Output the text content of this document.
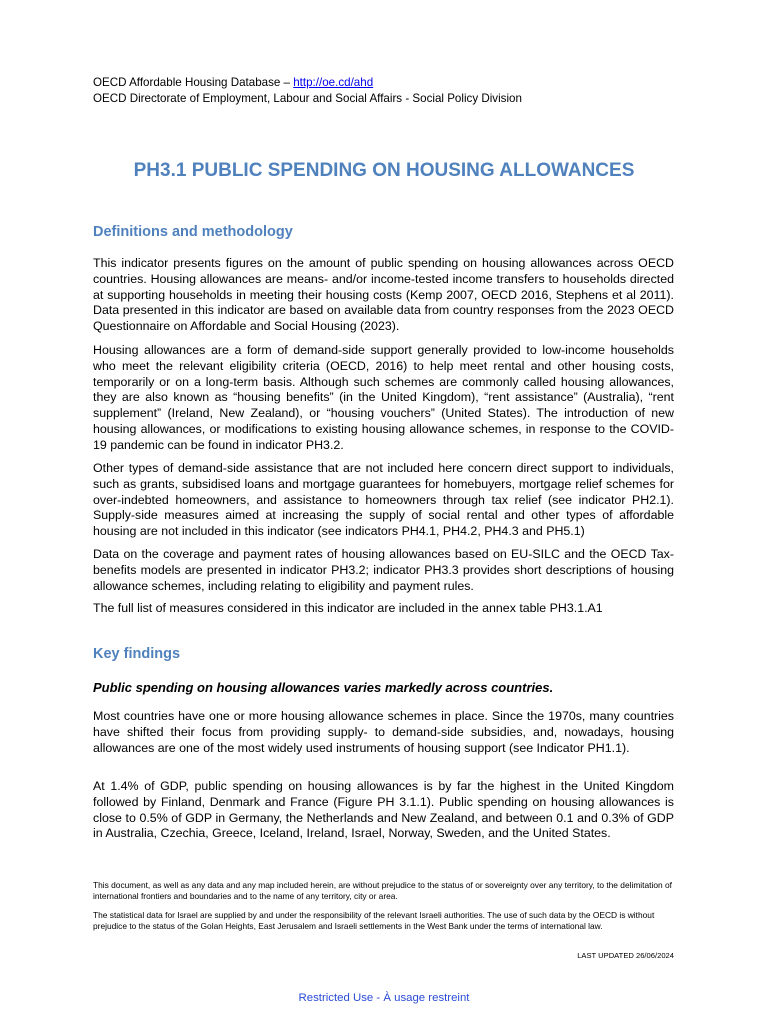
OECD Affordable Housing Database – http://oe.cd/ahd
OECD Directorate of Employment, Labour and Social Affairs - Social Policy Division
PH3.1 PUBLIC SPENDING ON HOUSING ALLOWANCES
Definitions and methodology

This indicator presents figures on the amount of public spending on housing allowances across OECD countries. Housing allowances are means- and/or income-tested income transfers to households directed at supporting households in meeting their housing costs (Kemp 2007, OECD 2016, Stephens et al 2011). Data presented in this indicator are based on available data from country responses from the 2023 OECD Questionnaire on Affordable and Social Housing (2023).

Housing allowances are a form of demand-side support generally provided to low-income households who meet the relevant eligibility criteria (OECD, 2016) to help meet rental and other housing costs, temporarily or on a long-term basis. Although such schemes are commonly called housing allowances, they are also known as “housing benefits” (in the United Kingdom), “rent assistance” (Australia), “rent supplement” (Ireland, New Zealand), or “housing vouchers” (United States). The introduction of new housing allowances, or modifications to existing housing allowance schemes, in response to the COVID-19 pandemic can be found in indicator PH3.2.

Other types of demand-side assistance that are not included here concern direct support to individuals, such as grants, subsidised loans and mortgage guarantees for homebuyers, mortgage relief schemes for over-indebted homeowners, and assistance to homeowners through tax relief (see indicator PH2.1). Supply-side measures aimed at increasing the supply of social rental and other types of affordable housing are not included in this indicator (see indicators PH4.1, PH4.2, PH4.3 and PH5.1)

Data on the coverage and payment rates of housing allowances based on EU-SILC and the OECD Tax-benefits models are presented in indicator PH3.2; indicator PH3.3 provides short descriptions of housing allowance schemes, including relating to eligibility and payment rules.

The full list of measures considered in this indicator are included in the annex table PH3.1.A1

Key findings

Public spending on housing allowances varies markedly across countries.

Most countries have one or more housing allowance schemes in place. Since the 1970s, many countries have shifted their focus from providing supply- to demand-side subsidies, and, nowadays, housing allowances are one of the most widely used instruments of housing support (see Indicator PH1.1).

At 1.4% of GDP, public spending on housing allowances is by far the highest in the United Kingdom followed by Finland, Denmark and France (Figure PH 3.1.1). Public spending on housing allowances is close to 0.5% of GDP in Germany, the Netherlands and New Zealand, and between 0.1 and 0.3% of GDP in Australia, Czechia, Greece, Iceland, Ireland, Israel, Norway, Sweden, and the United States.

This document, as well as any data and any map included herein, are without prejudice to the status of or sovereignty over any territory, to the delimitation of international frontiers and boundaries and to the name of any territory, city or area.

The statistical data for Israel are supplied by and under the responsibility of the relevant Israeli authorities. The use of such data by the OECD is without prejudice to the status of the Golan Heights, East Jerusalem and Israeli settlements in the West Bank under the terms of international law.

LAST UPDATED 26/06/2024

Restricted Use - À usage restreint
